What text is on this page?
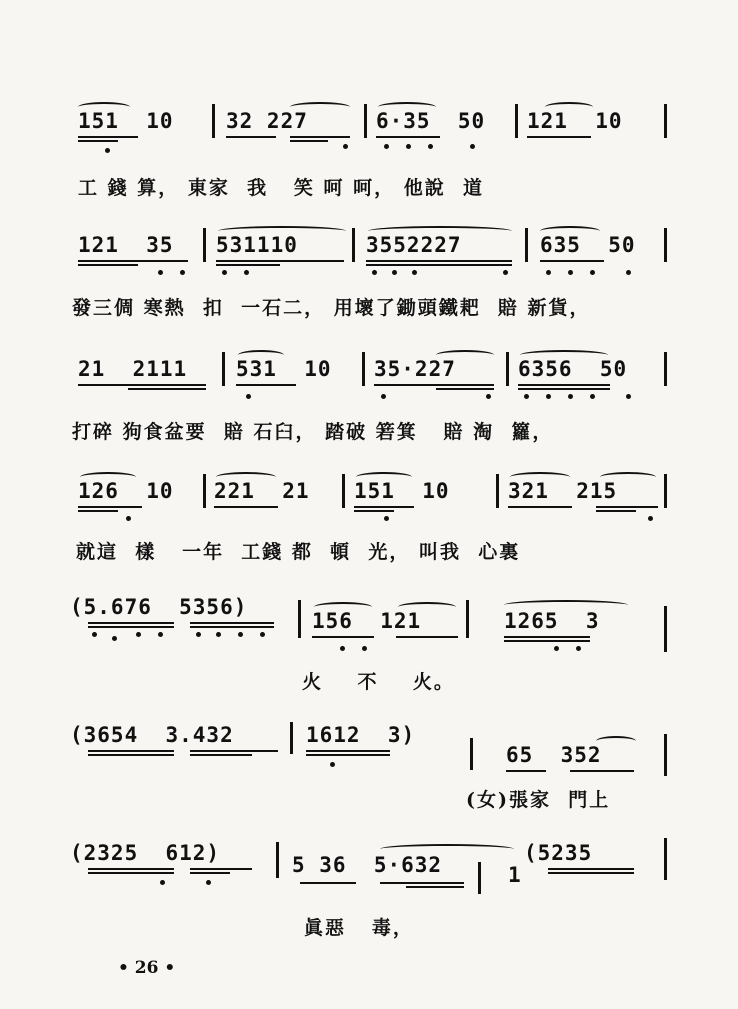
151  10 32 227	6·35  50 121  10
工 錢 算， 東家  我   笑 呵 呵， 他說  道
121  35 531110	3552227	635  50
發三倜 寒熱  扣  一石二， 用壞了鋤頭鐵耙  賠 新貨，
21  2111 531  10 35·227	6356  50
打碎 狗食盆要  賠 石臼， 踏破 箬箕   賠 淘  籮，
126  10 221  21 151  10	321  215
就這  樣   一年  工錢 都  頓  光， 叫我  心裏
(5.676  5356)
156  121	1265  3
火    不    火。
(3654  3.432	1612  3)
65  352
(女)張家  門上
(2325  612)	5 36  5·632	1
(5235
眞惡   毒，
• 26 •
